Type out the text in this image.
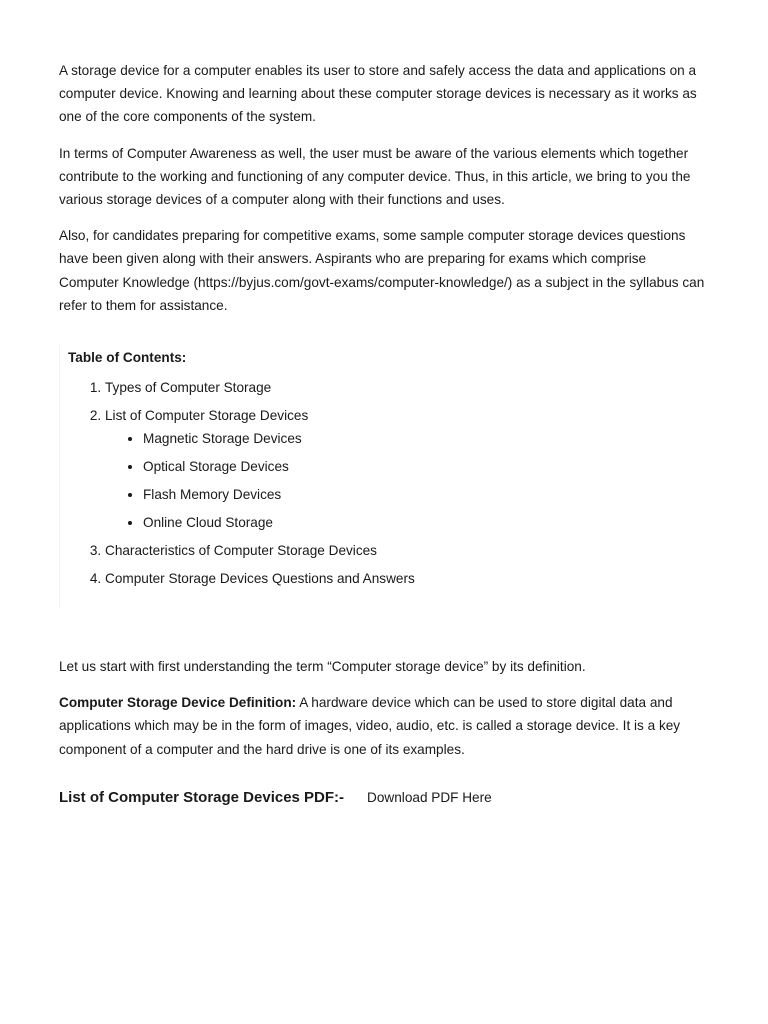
A storage device for a computer enables its user to store and safely access the data and applications on a computer device. Knowing and learning about these computer storage devices is necessary as it works as one of the core components of the system.

In terms of Computer Awareness as well, the user must be aware of the various elements which together contribute to the working and functioning of any computer device. Thus, in this article, we bring to you the various storage devices of a computer along with their functions and uses.

Also, for candidates preparing for competitive exams, some sample computer storage devices questions have been given along with their answers. Aspirants who are preparing for exams which comprise Computer Knowledge (https://byjus.com/govt-exams/computer-knowledge/) as a subject in the syllabus can refer to them for assistance.

Table of Contents:
1. Types of Computer Storage
2. List of Computer Storage Devices
• Magnetic Storage Devices
• Optical Storage Devices
• Flash Memory Devices
• Online Cloud Storage
3. Characteristics of Computer Storage Devices
4. Computer Storage Devices Questions and Answers

Let us start with first understanding the term “Computer storage device” by its definition.

Computer Storage Device Definition: A hardware device which can be used to store digital data and applications which may be in the form of images, video, audio, etc. is called a storage device. It is a key component of a computer and the hard drive is one of its examples.

List of Computer Storage Devices PDF:- Download PDF Here
